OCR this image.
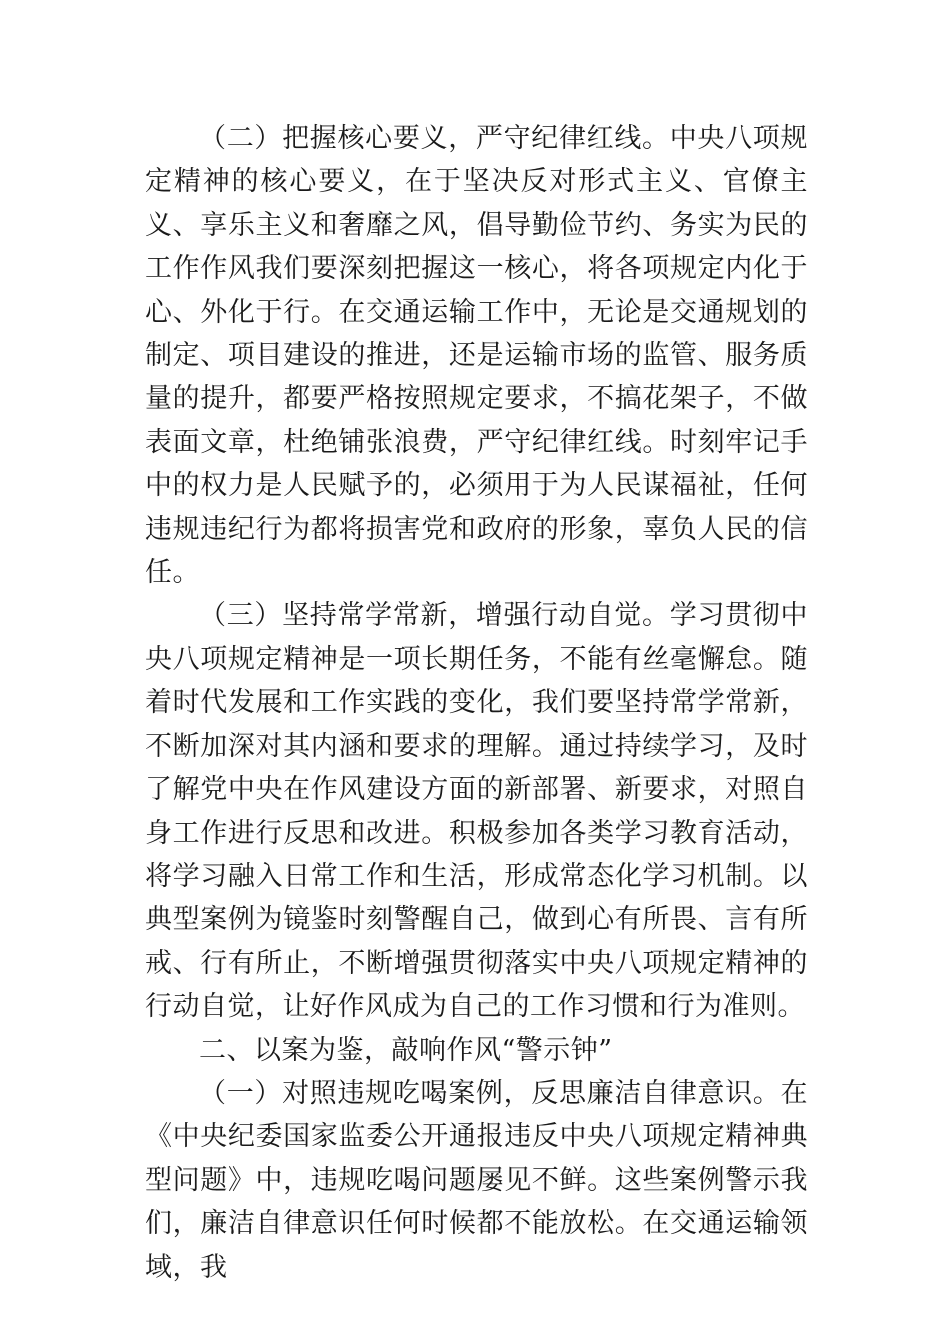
（二）把握核心要义，严守纪律红线。中央八项规定精神的核心要义，在于坚决反对形式主义、官僚主义、享乐主义和奢靡之风，倡导勤俭节约、务实为民的工作作风我们要深刻把握这一核心，将各项规定内化于心、外化于行。在交通运输工作中，无论是交通规划的制定、项目建设的推进，还是运输市场的监管、服务质量的提升，都要严格按照规定要求，不搞花架子，不做表面文章，杜绝铺张浪费，严守纪律红线。时刻牢记手中的权力是人民赋予的，必须用于为人民谋福祉，任何违规违纪行为都将损害党和政府的形象，辜负人民的信任。

（三）坚持常学常新，增强行动自觉。学习贯彻中央八项规定精神是一项长期任务，不能有丝毫懈怠。随着时代发展和工作实践的变化，我们要坚持常学常新，不断加深对其内涵和要求的理解。通过持续学习，及时了解党中央在作风建设方面的新部署、新要求，对照自身工作进行反思和改进。积极参加各类学习教育活动，将学习融入日常工作和生活，形成常态化学习机制。以典型案例为镜鉴时刻警醒自己，做到心有所畏、言有所戒、行有所止，不断增强贯彻落实中央八项规定精神的行动自觉，让好作风成为自己的工作习惯和行为准则。

二、以案为鉴，敲响作风“警示钟”

（一）对照违规吃喝案例，反思廉洁自律意识。在《中央纪委国家监委公开通报违反中央八项规定精神典型问题》中，违规吃喝问题屡见不鲜。这些案例警示我们，廉洁自律意识任何时候都不能放松。在交通运输领域，我
